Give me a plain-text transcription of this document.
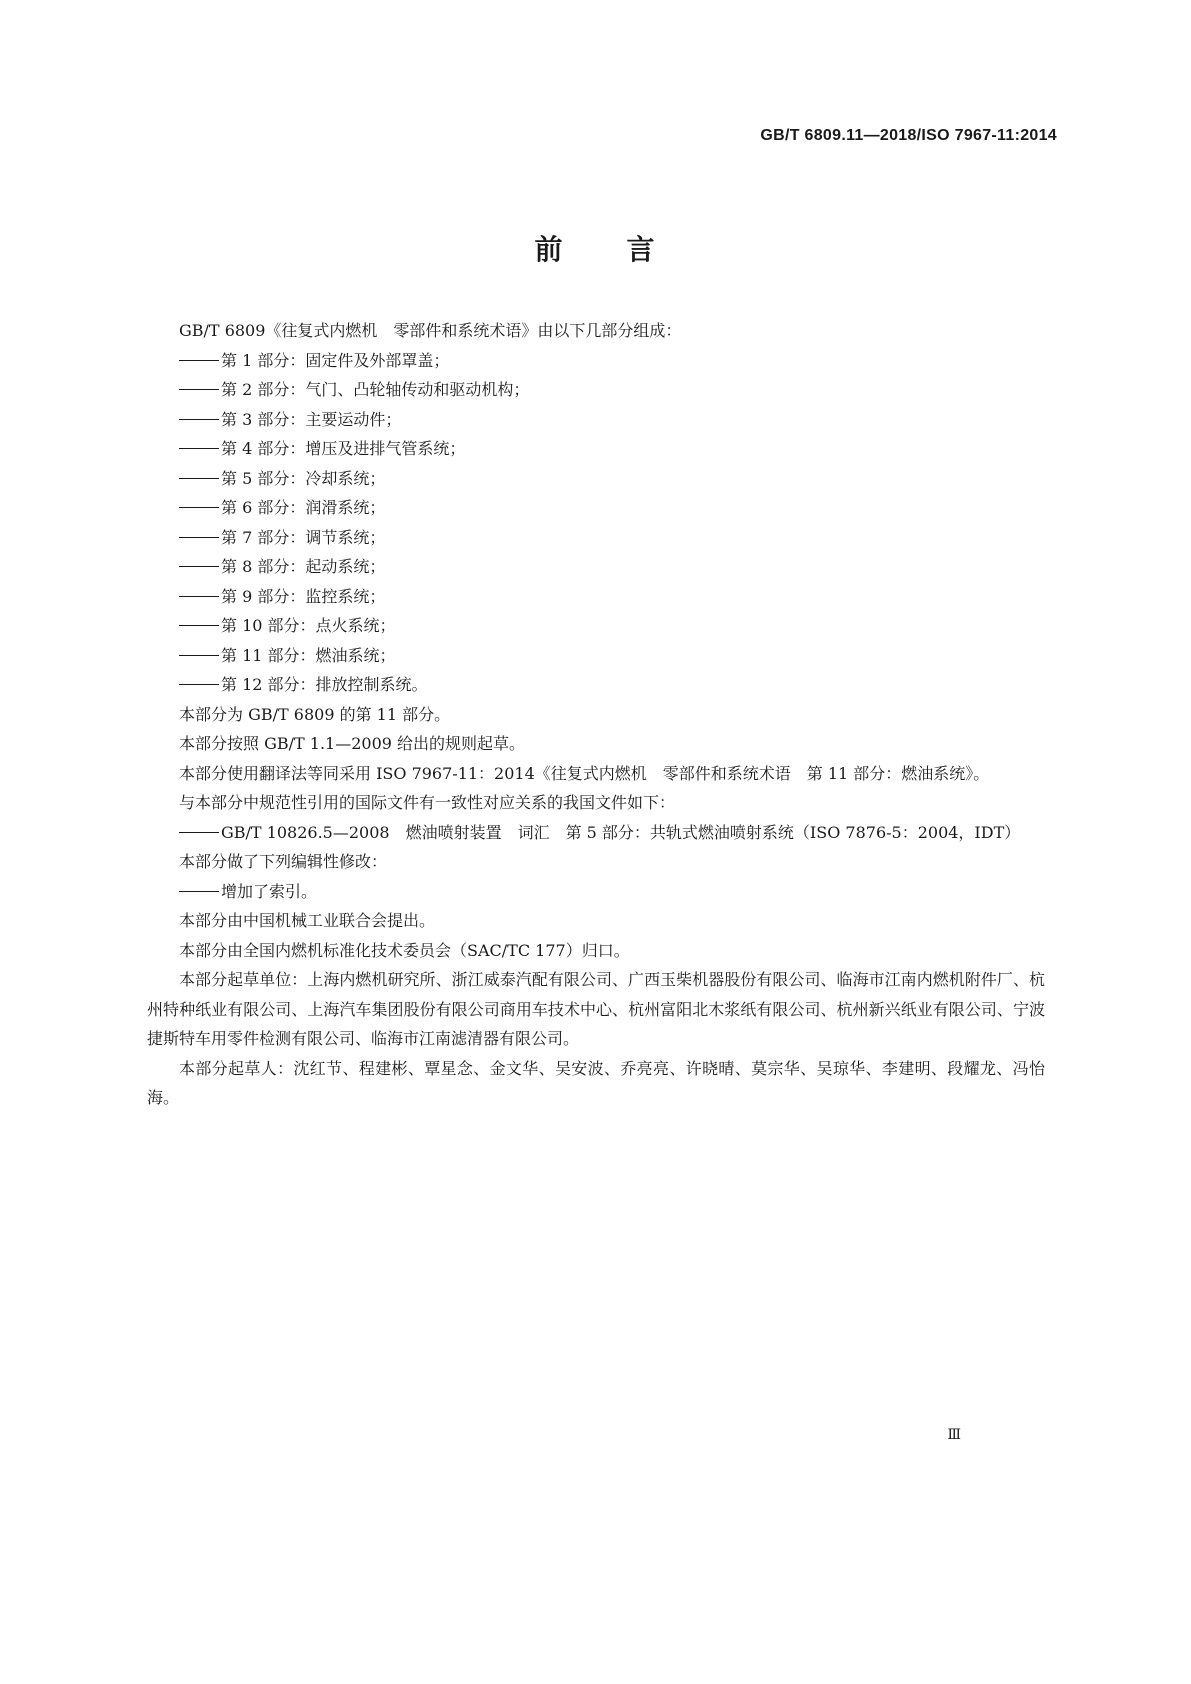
GB/T 6809.11—2018/ISO 7967-11:2014
前 言

GB/T 6809《往复式内燃机　零部件和系统术语》由以下几部分组成：

第 1 部分：固定件及外部罩盖；

第 2 部分：气门、凸轮轴传动和驱动机构；

第 3 部分：主要运动件；

第 4 部分：增压及进排气管系统；

第 5 部分：冷却系统；

第 6 部分：润滑系统；

第 7 部分：调节系统；

第 8 部分：起动系统；

第 9 部分：监控系统；

第 10 部分：点火系统；

第 11 部分：燃油系统；

第 12 部分：排放控制系统。

本部分为 GB/T 6809 的第 11 部分。

本部分按照 GB/T 1.1—2009 给出的规则起草。

本部分使用翻译法等同采用 ISO 7967-11：2014《往复式内燃机　零部件和系统术语　第 11 部分：燃油系统》。

与本部分中规范性引用的国际文件有一致性对应关系的我国文件如下：

GB/T 10826.5—2008　燃油喷射装置　词汇　第 5 部分：共轨式燃油喷射系统（ISO 7876-5：2004，IDT）

本部分做了下列编辑性修改：

增加了索引。

本部分由中国机械工业联合会提出。

本部分由全国内燃机标准化技术委员会（SAC/TC 177）归口。

本部分起草单位：上海内燃机研究所、浙江威泰汽配有限公司、广西玉柴机器股份有限公司、临海市江南内燃机附件厂、杭州特种纸业有限公司、上海汽车集团股份有限公司商用车技术中心、杭州富阳北木浆纸有限公司、杭州新兴纸业有限公司、宁波捷斯特车用零件检测有限公司、临海市江南滤清器有限公司。

本部分起草人：沈红节、程建彬、覃星念、金文华、吴安波、乔亮亮、许晓晴、莫宗华、吴琼华、李建明、段耀龙、冯怡海。

Ⅲ
